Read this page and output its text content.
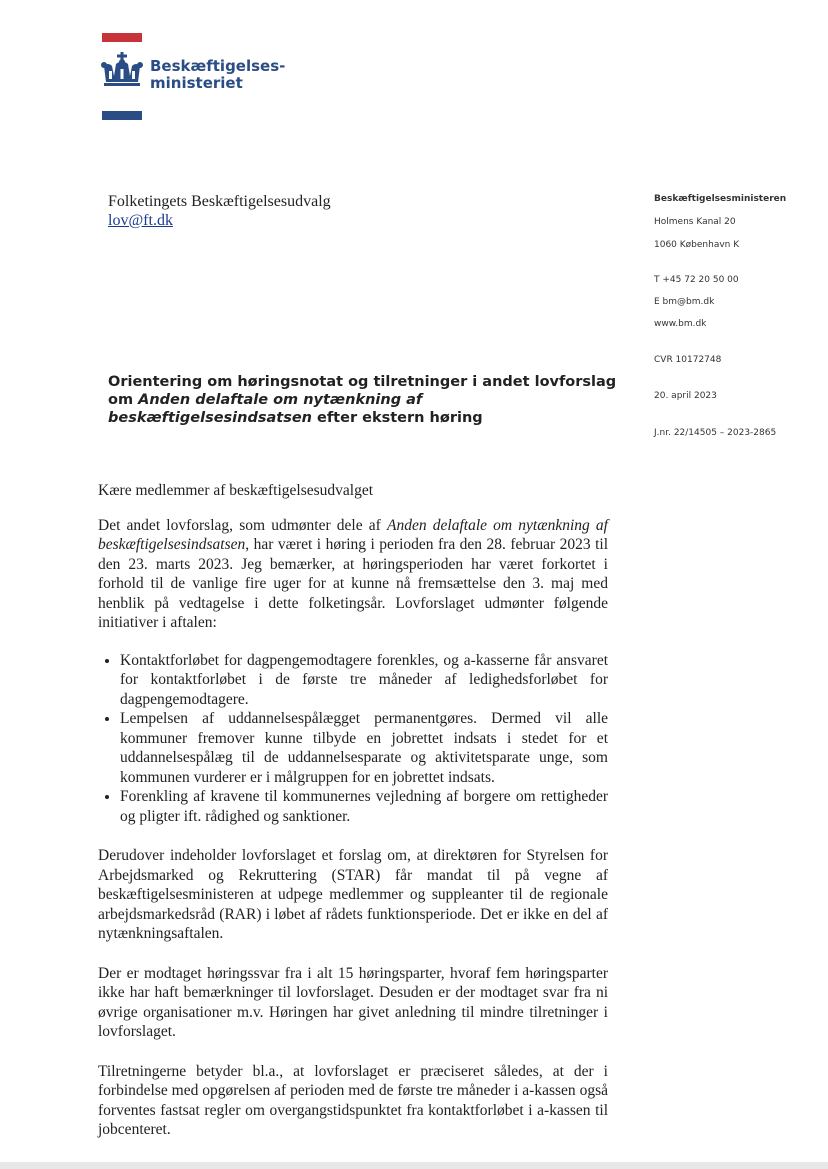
Beskæftigelses-
ministeriet
Folketingets Beskæftigelsesudvalg
lov@ft.dk
Beskæftigelsesministeren
Holmens Kanal 20
1060 København K
T +45 72 20 50 00
E bm@bm.dk
www.bm.dk
CVR 10172748
20. april 2023
J.nr. 22/14505 – 2023-2865
Orientering om høringsnotat og tilretninger i andet lovforslag om Anden delaftale om nytænkning af beskæftigelsesindsatsen efter ekstern høring

Kære medlemmer af beskæftigelsesudvalget

Det andet lovforslag, som udmønter dele af Anden delaftale om nytænkning af beskæftigelsesindsatsen, har været i høring i perioden fra den 28. februar 2023 til den 23. marts 2023. Jeg bemærker, at høringsperioden har været forkortet i forhold til de vanlige fire uger for at kunne nå fremsættelse den 3. maj med henblik på vedtagelse i dette folketingsår. Lovforslaget udmønter følgende initiativer i aftalen:

• Kontaktforløbet for dagpengemodtagere forenkles, og a-kasserne får ansvaret for kontaktforløbet i de første tre måneder af ledighedsforløbet for dagpengemodtagere.
• Lempelsen af uddannelsespålægget permanentgøres. Dermed vil alle kommuner fremover kunne tilbyde en jobrettet indsats i stedet for et uddannelsespålæg til de uddannelsesparate og aktivitetsparate unge, som kommunen vurderer er i målgruppen for en jobrettet indsats.
• Forenkling af kravene til kommunernes vejledning af borgere om rettigheder og pligter ift. rådighed og sanktioner.

Derudover indeholder lovforslaget et forslag om, at direktøren for Styrelsen for Arbejdsmarked og Rekruttering (STAR) får mandat til på vegne af beskæftigelsesministeren at udpege medlemmer og suppleanter til de regionale arbejdsmarkedsråd (RAR) i løbet af rådets funktionsperiode. Det er ikke en del af nytænkningsaftalen.

Der er modtaget høringssvar fra i alt 15 høringsparter, hvoraf fem høringsparter ikke har haft bemærkninger til lovforslaget. Desuden er der modtaget svar fra ni øvrige organisationer m.v. Høringen har givet anledning til mindre tilretninger i lovforslaget.

Tilretningerne betyder bl.a., at lovforslaget er præciseret således, at der i forbindelse med opgørelsen af perioden med de første tre måneder i a-kassen også forventes fastsat regler om overgangstidspunktet fra kontaktforløbet i a-kassen til jobcenteret.
